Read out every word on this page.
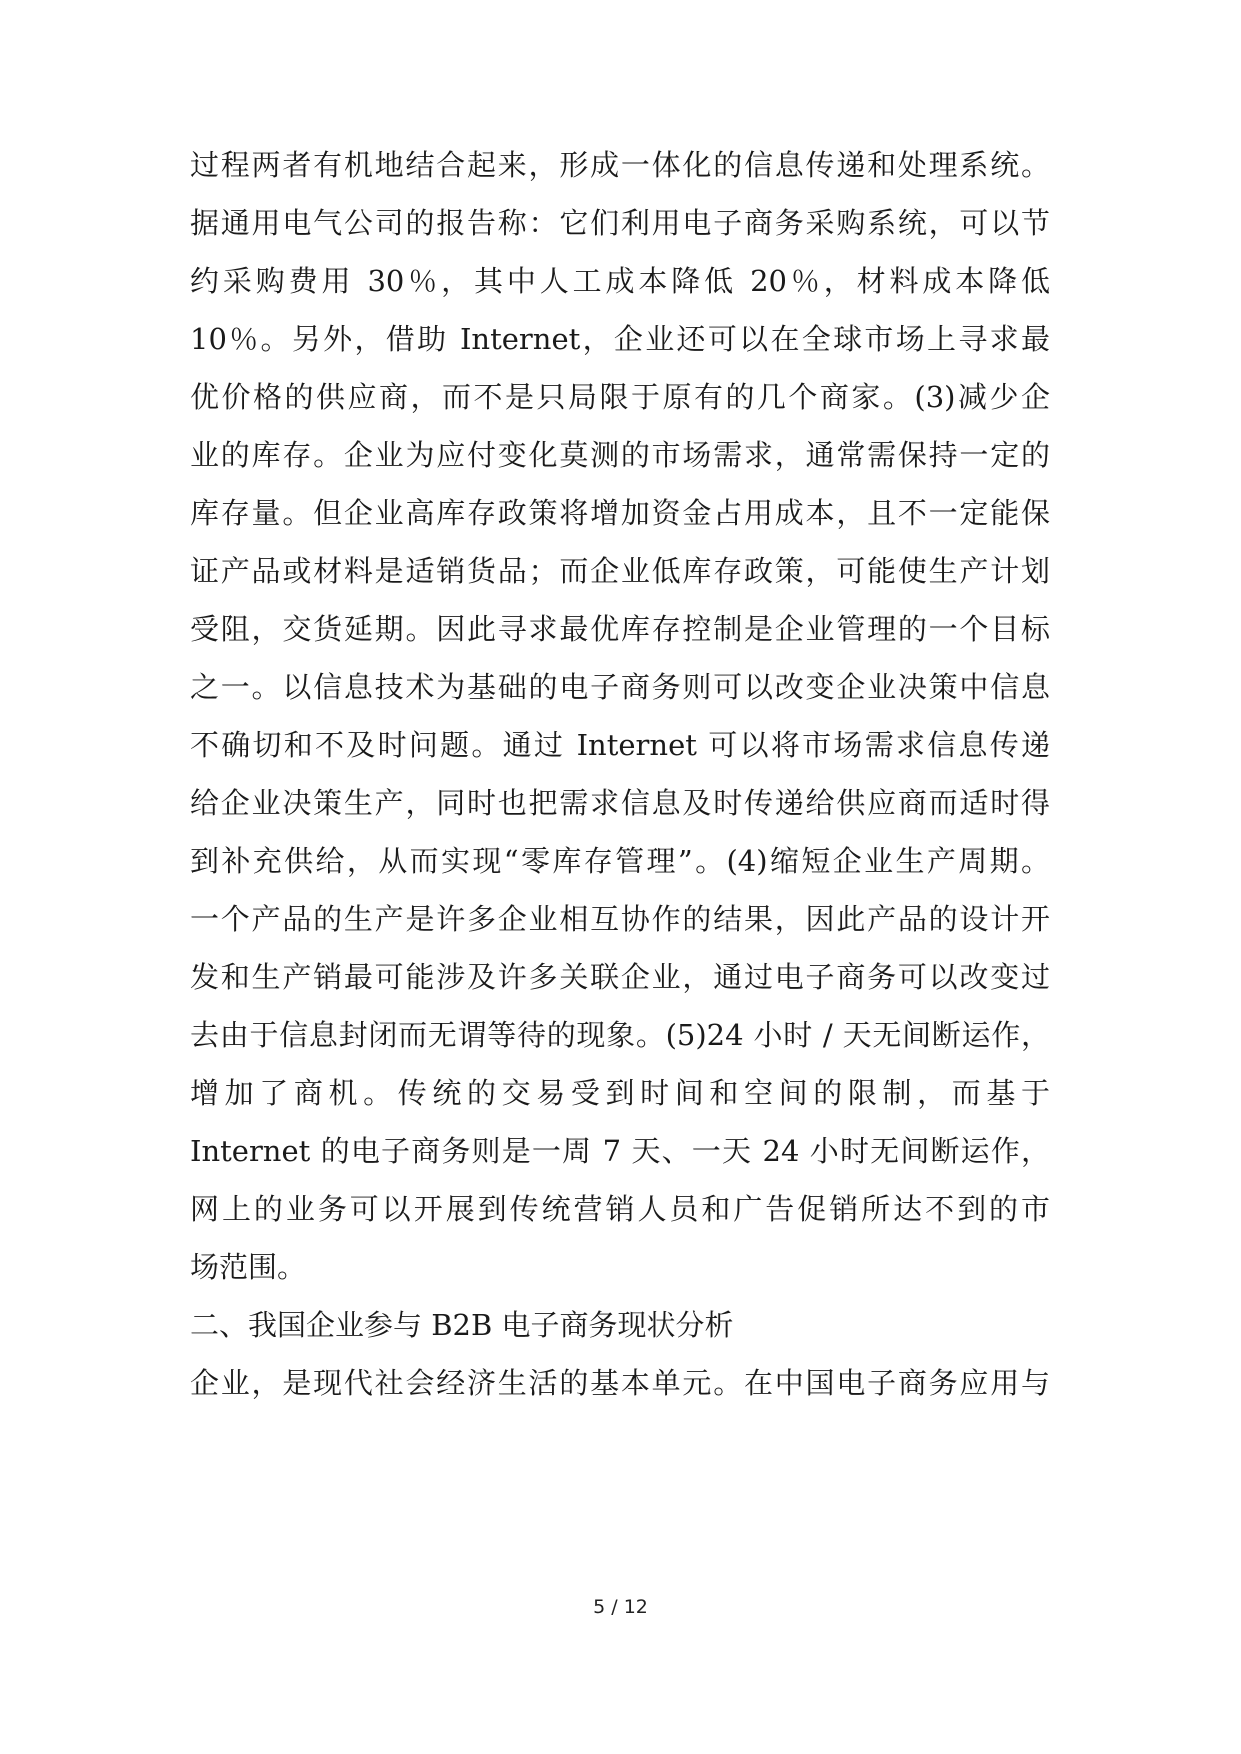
过程两者有机地结合起来，形成一体化的信息传递和处理系统。
据通用电气公司的报告称：它们利用电子商务采购系统，可以节
约采购费用 30％，其中人工成本降低 20％，材料成本降低
10％。另外，借助 Internet，企业还可以在全球市场上寻求最
优价格的供应商，而不是只局限于原有的几个商家。(3)减少企
业的库存。企业为应付变化莫测的市场需求，通常需保持一定的
库存量。但企业高库存政策将增加资金占用成本，且不一定能保
证产品或材料是适销货品；而企业低库存政策，可能使生产计划
受阻，交货延期。因此寻求最优库存控制是企业管理的一个目标
之一。以信息技术为基础的电子商务则可以改变企业决策中信息
不确切和不及时问题。通过 Internet 可以将市场需求信息传递
给企业决策生产，同时也把需求信息及时传递给供应商而适时得
到补充供给，从而实现“零库存管理”。(4)缩短企业生产周期。
一个产品的生产是许多企业相互协作的结果，因此产品的设计开
发和生产销最可能涉及许多关联企业，通过电子商务可以改变过
去由于信息封闭而无谓等待的现象。(5)24 小时 / 天无间断运作，
增加了商机。传统的交易受到时间和空间的限制，而基于
Internet 的电子商务则是一周 7 天、一天 24 小时无间断运作，
网上的业务可以开展到传统营销人员和广告促销所达不到的市
场范围。
二、我国企业参与 B2B 电子商务现状分析
企业，是现代社会经济生活的基本单元。在中国电子商务应用与
5 / 12
